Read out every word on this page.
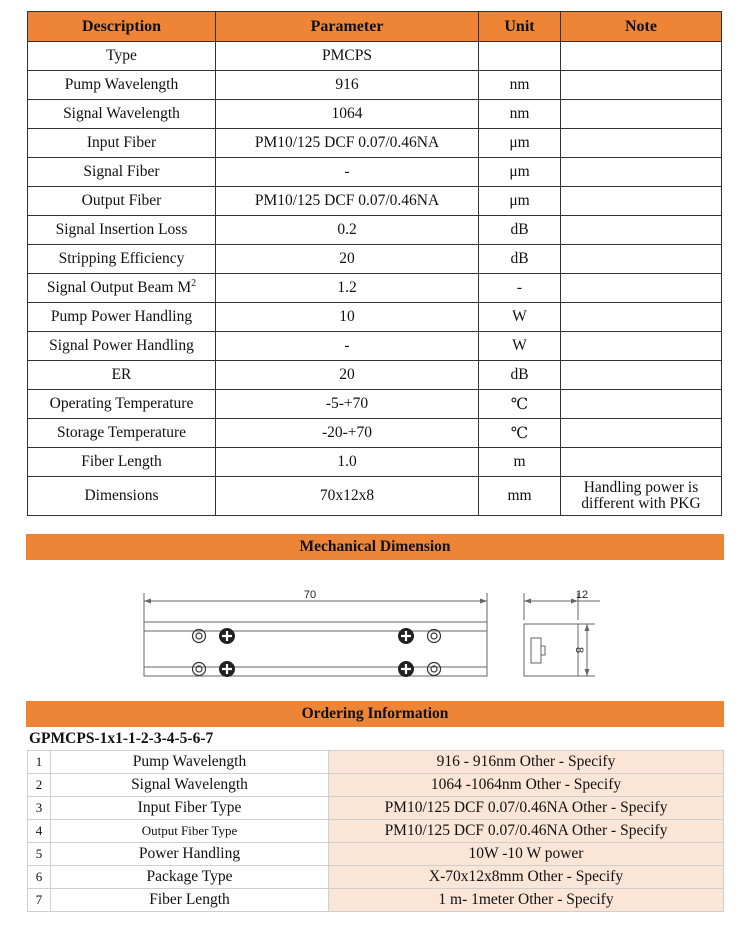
Description	Parameter	Unit	Note
Type	PMCPS		
Pump Wavelength	916	nm	
Signal Wavelength	1064	nm	
Input Fiber	PM10/125 DCF 0.07/0.46NA	μm	
Signal Fiber	-	μm	
Output Fiber	PM10/125 DCF 0.07/0.46NA	μm	
Signal Insertion Loss	0.2	dB	
Stripping Efficiency	20	dB	
Signal Output Beam $M^2$	1.2	-	
Pump Power Handling	10	W	
Signal Power Handling	-	W	
ER	20	dB	
Operating Temperature	-5-+70	℃	
Storage Temperature	-20-+70	℃	
Fiber Length	1.0	m	
Dimensions	70x12x8	mm	Handling power is
different with PKG
Mechanical Dimension
70	12
8
Ordering Information
GPMCPS-1x1-1-2-3-4-5-6-7
1	Pump Wavelength	916 - 916nm Other - Specify
2	Signal Wavelength	1064 -1064nm Other - Specify
3	Input Fiber Type	PM10/125 DCF 0.07/0.46NA Other - Specify
4	Output Fiber Type	PM10/125 DCF 0.07/0.46NA Other - Specify
5	Power Handling	10W -10 W power
6	Package Type	X-70x12x8mm Other - Specify
7	Fiber Length	1 m- 1meter Other - Specify
